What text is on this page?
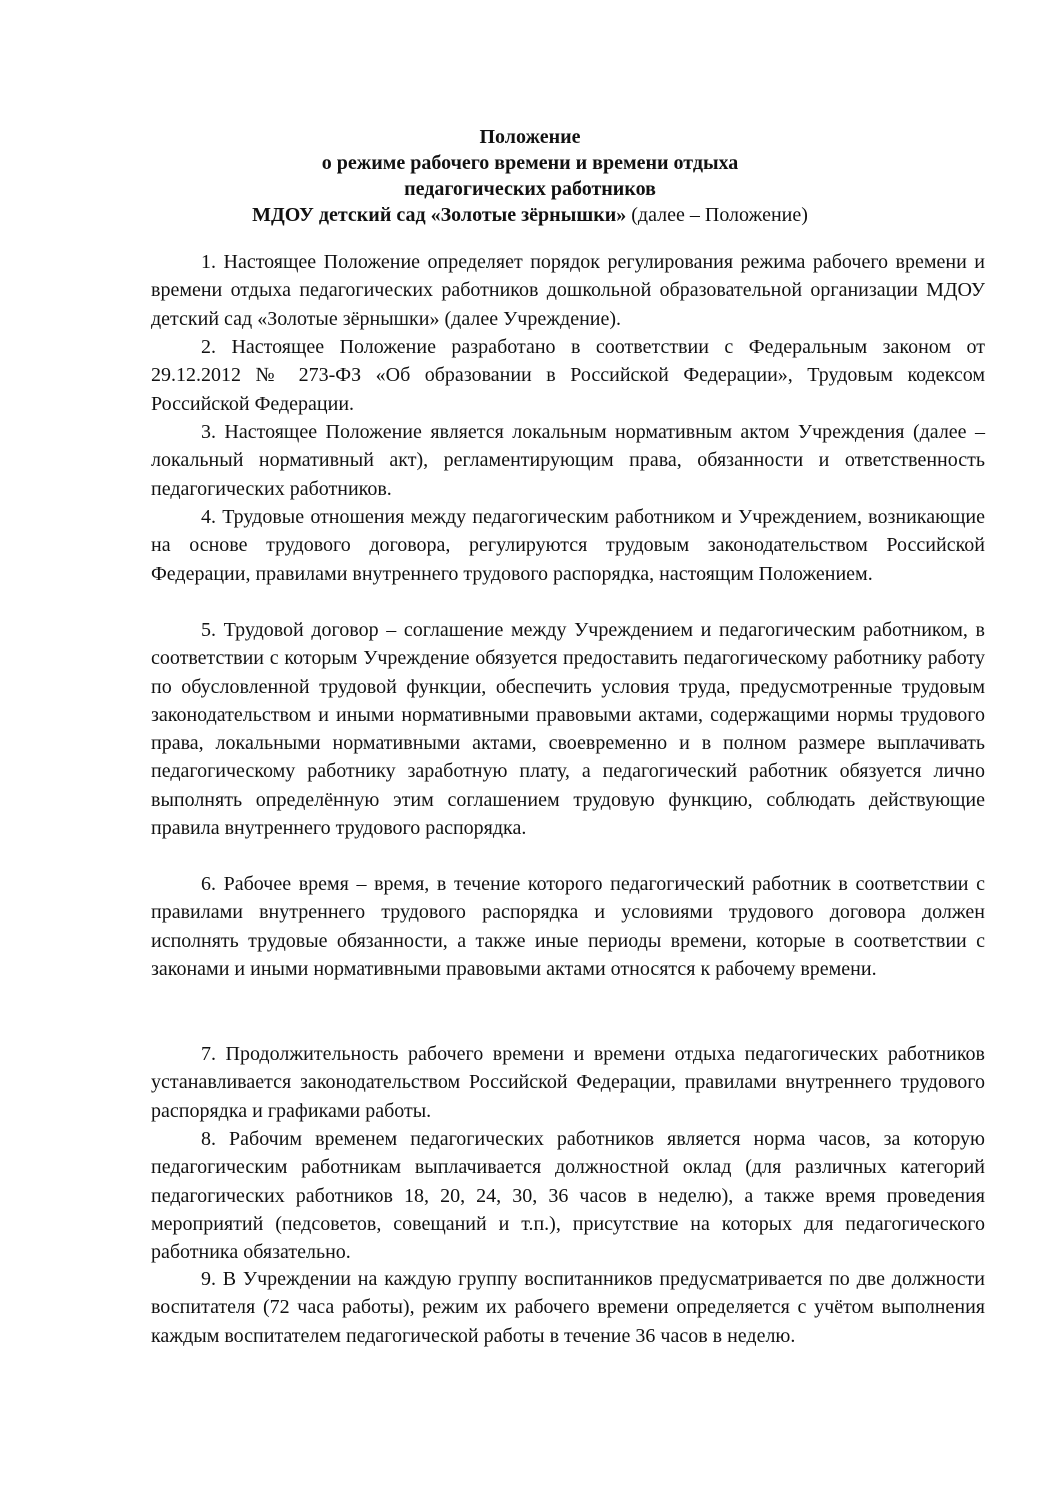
Положение
о режиме рабочего времени и времени отдыха
педагогических работников
МДОУ детский сад «Золотые зёрнышки» (далее – Положение)

1. Настоящее Положение определяет порядок регулирования режима рабочего времени и времени отдыха педагогических работников дошкольной образовательной организации МДОУ детский сад «Золотые зёрнышки» (далее Учреждение).

2. Настоящее Положение разработано в соответствии с Федеральным законом от 29.12.2012 № 273-ФЗ «Об образовании в Российской Федерации», Трудовым кодексом Российской Федерации.

3. Настоящее Положение является локальным нормативным актом Учреждения (далее – локальный нормативный акт), регламентирующим права, обязанности и ответственность педагогических работников.

4. Трудовые отношения между педагогическим работником и Учреждением, возникающие на основе трудового договора, регулируются трудовым законодательством Российской Федерации, правилами внутреннего трудового распорядка, настоящим Положением.

5. Трудовой договор – соглашение между Учреждением и педагогическим работником, в соответствии с которым Учреждение обязуется предоставить педагогическому работнику работу по обусловленной трудовой функции, обеспечить условия труда, предусмотренные трудовым законодательством и иными нормативными правовыми актами, содержащими нормы трудового права, локальными нормативными актами, своевременно и в полном размере выплачивать педагогическому работнику заработную плату, а педагогический работник обязуется лично выполнять определённую этим соглашением трудовую функцию, соблюдать действующие правила внутреннего трудового распорядка.

6. Рабочее время – время, в течение которого педагогический работник в соответствии с правилами внутреннего трудового распорядка и условиями трудового договора должен исполнять трудовые обязанности, а также иные периоды времени, которые в соответствии с законами и иными нормативными правовыми актами относятся к рабочему времени.

7. Продолжительность рабочего времени и времени отдыха педагогических работников устанавливается законодательством Российской Федерации, правилами внутреннего трудового распорядка и графиками работы.

8. Рабочим временем педагогических работников является норма часов, за которую педагогическим работникам выплачивается должностной оклад (для различных категорий педагогических работников 18, 20, 24, 30, 36 часов в неделю), а также время проведения мероприятий (педсоветов, совещаний и т.п.), присутствие на которых для педагогического работника обязательно.

9. В Учреждении на каждую группу воспитанников предусматривается по две должности воспитателя (72 часа работы), режим их рабочего времени определяется с учётом выполнения каждым воспитателем педагогической работы в течение 36 часов в неделю.
